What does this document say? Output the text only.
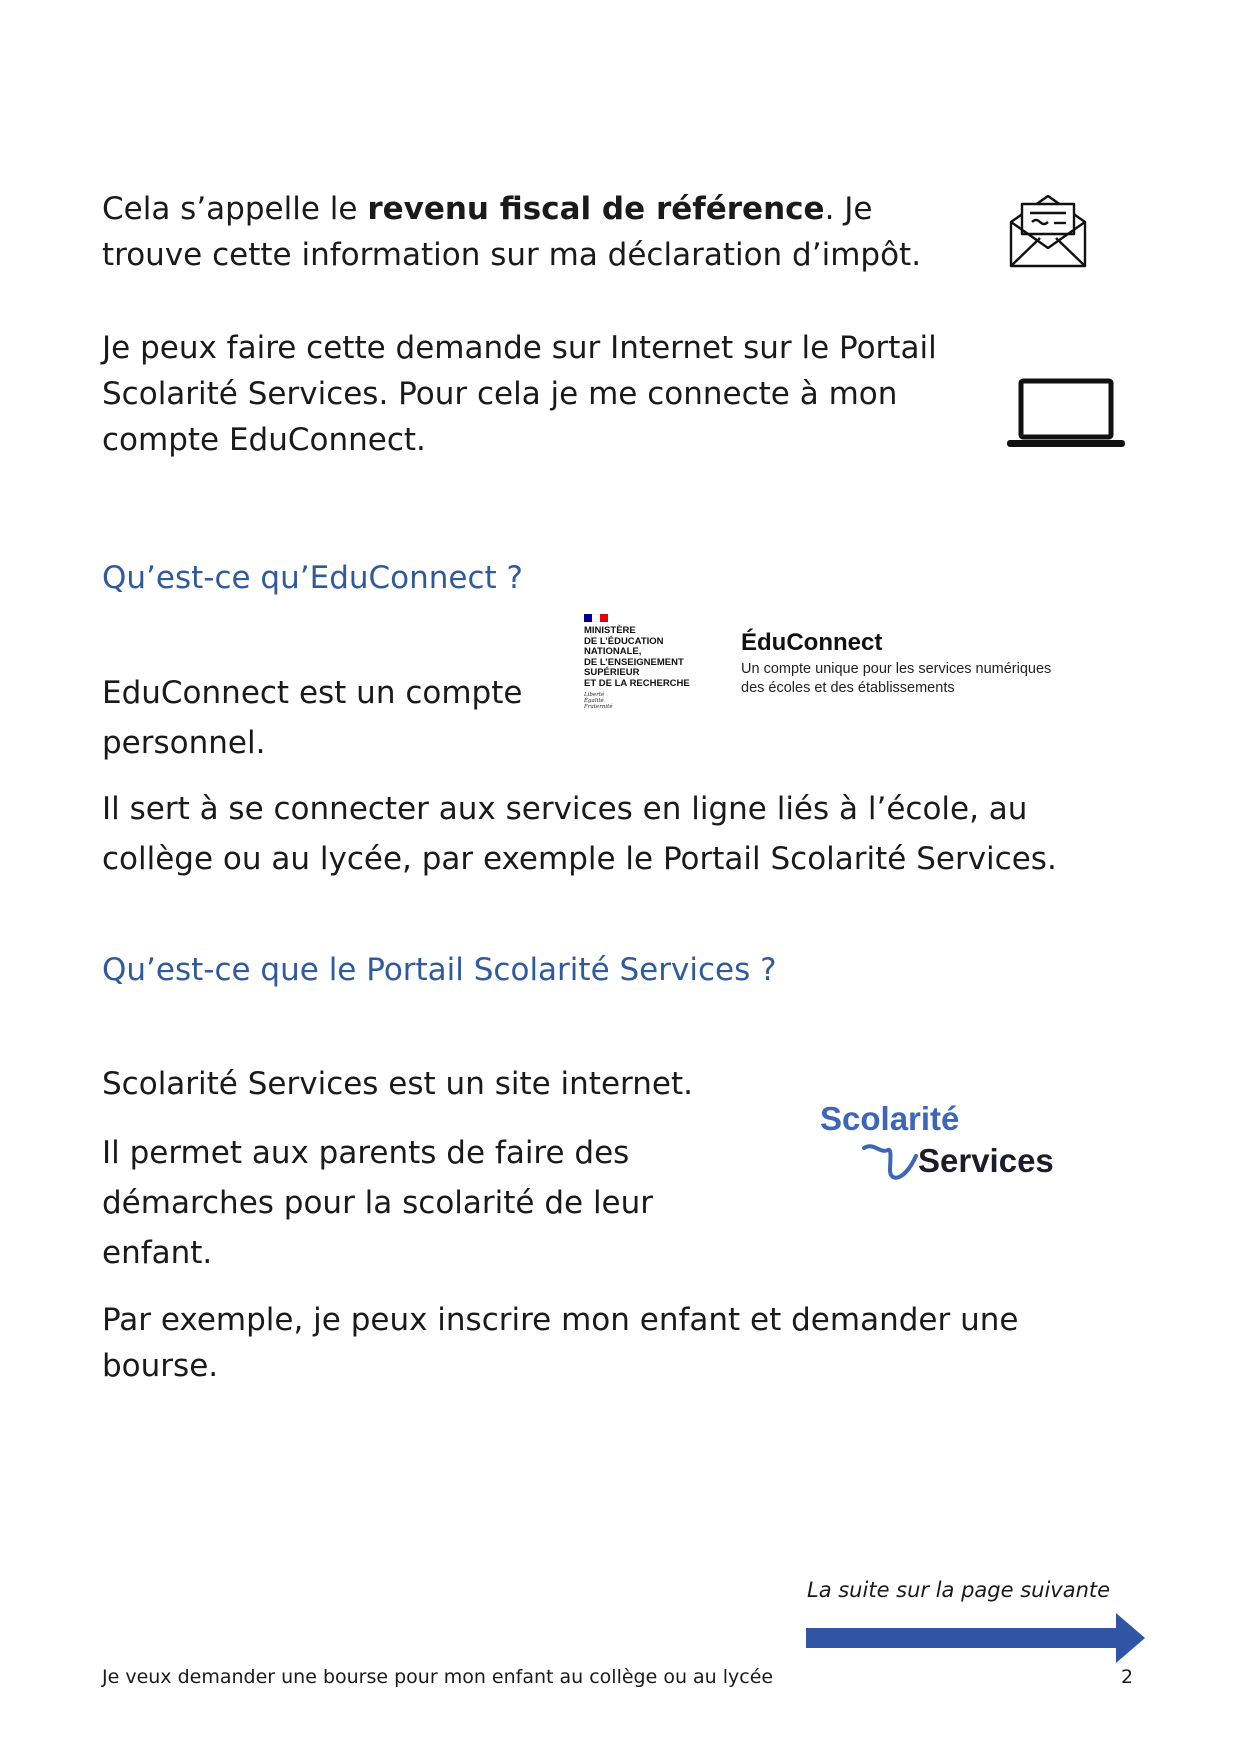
Cela s’appelle le revenu fiscal de référence. Je trouve cette information sur ma déclaration d’impôt.

Je peux faire cette demande sur Internet sur le Portail Scolarité Services. Pour cela je me connecte à mon compte EduConnect.

Qu’est-ce qu’EduConnect ?
MINISTÈRE
DE L’ÉDUCATION
NATIONALE,
DE L’ENSEIGNEMENT
SUPÉRIEUR
ET DE LA RECHERCHE
Liberté
Égalité
Fraternité

ÉduConnect

Un compte unique pour les services numériques
des écoles et des établissements

EduConnect est un compte personnel.

Il sert à se connecter aux services en ligne liés à l’école, au collège ou au lycée, par exemple le Portail Scolarité Services.

Qu’est-ce que le Portail Scolarité Services ?

Scolarité Services est un site internet.

Il permet aux parents de faire des démarches pour la scolarité de leur enfant.

Scolarité
Services

Par exemple, je peux inscrire mon enfant et demander une bourse.

La suite sur la page suivante

Je veux demander une bourse pour mon enfant au collège ou au lycée	2
